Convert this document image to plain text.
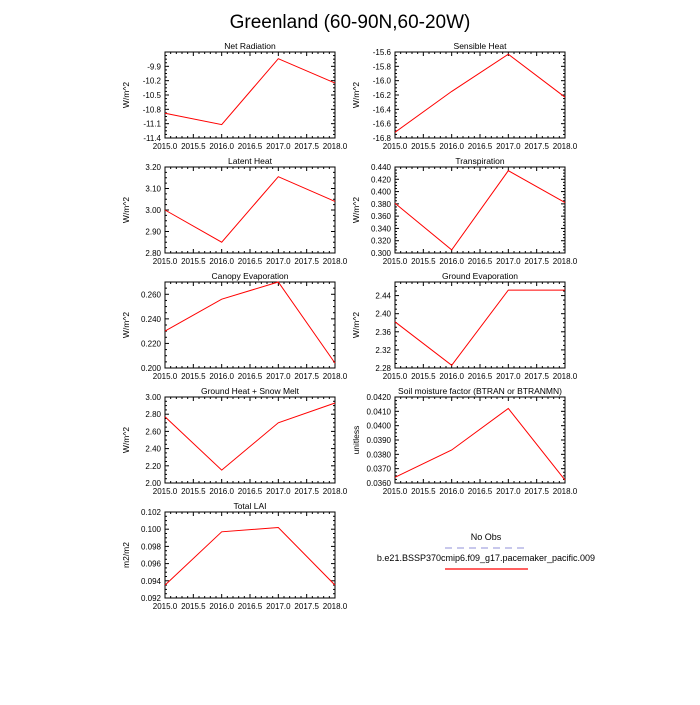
Greenland (60-90N,60-20W)
Net Radiation
2015.0 2015.5 2016.0 2016.5 2017.0 2017.5 2018.0
-11.4
-11.1
-10.8
-10.5
-10.2
-9.9
W/m^2
Sensible Heat
2015.0 2015.5 2016.0 2016.5 2017.0 2017.5 2018.0
-16.8
-16.6
-16.4
-16.2
-16.0
-15.8
-15.6
W/m^2
Latent Heat
2015.0 2015.5 2016.0 2016.5 2017.0 2017.5 2018.0
2.80
2.90
3.00
3.10
3.20
W/m^2
Transpiration
2015.0 2015.5 2016.0 2016.5 2017.0 2017.5 2018.0
0.300
0.320
0.340
0.360
0.380
0.400
0.420
0.440
W/m^2
Canopy Evaporation
2015.0 2015.5 2016.0 2016.5 2017.0 2017.5 2018.0
0.200
0.220
0.240
0.260
W/m^2
Ground Evaporation
2015.0 2015.5 2016.0 2016.5 2017.0 2017.5 2018.0
2.28
2.32
2.36
2.40
2.44
W/m^2
Ground Heat + Snow Melt
2015.0 2015.5 2016.0 2016.5 2017.0 2017.5 2018.0
2.00
2.20
2.40
2.60
2.80
3.00
W/m^2
Soil moisture factor (BTRAN or BTRANMN)
2015.0 2015.5 2016.0 2016.5 2017.0 2017.5 2018.0
0.0360
0.0370
0.0380
0.0390
0.0400
0.0410
0.0420
unitless
Total LAI
2015.0 2015.5 2016.0 2016.5 2017.0 2017.5 2018.0
0.092
0.094
0.096
0.098
0.100
0.102
m2/m2
No Obs
b.e21.BSSP370cmip6.f09_g17.pacemaker_pacific.009
